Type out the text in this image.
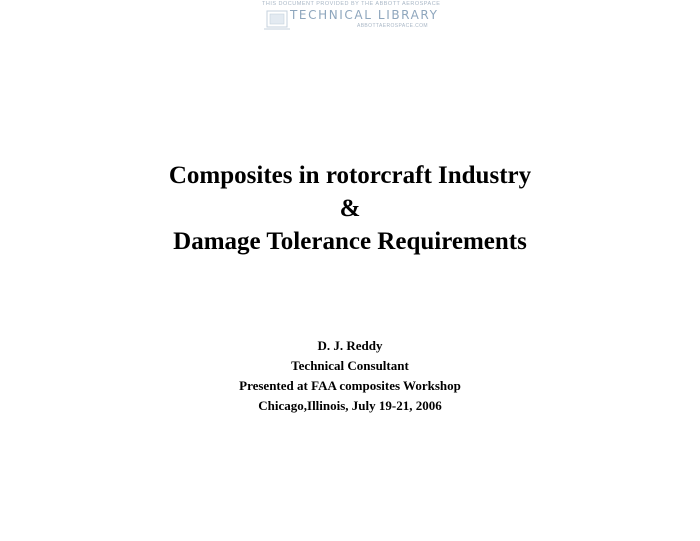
THIS DOCUMENT PROVIDED BY THE ABBOTT AEROSPACE
TECHNICAL LIBRARY
ABBOTTAEROSPACE.COM
Composites in rotorcraft Industry
&
Damage Tolerance Requirements
D. J. Reddy
Technical Consultant
Presented at FAA composites Workshop
Chicago,Illinois, July 19-21, 2006
